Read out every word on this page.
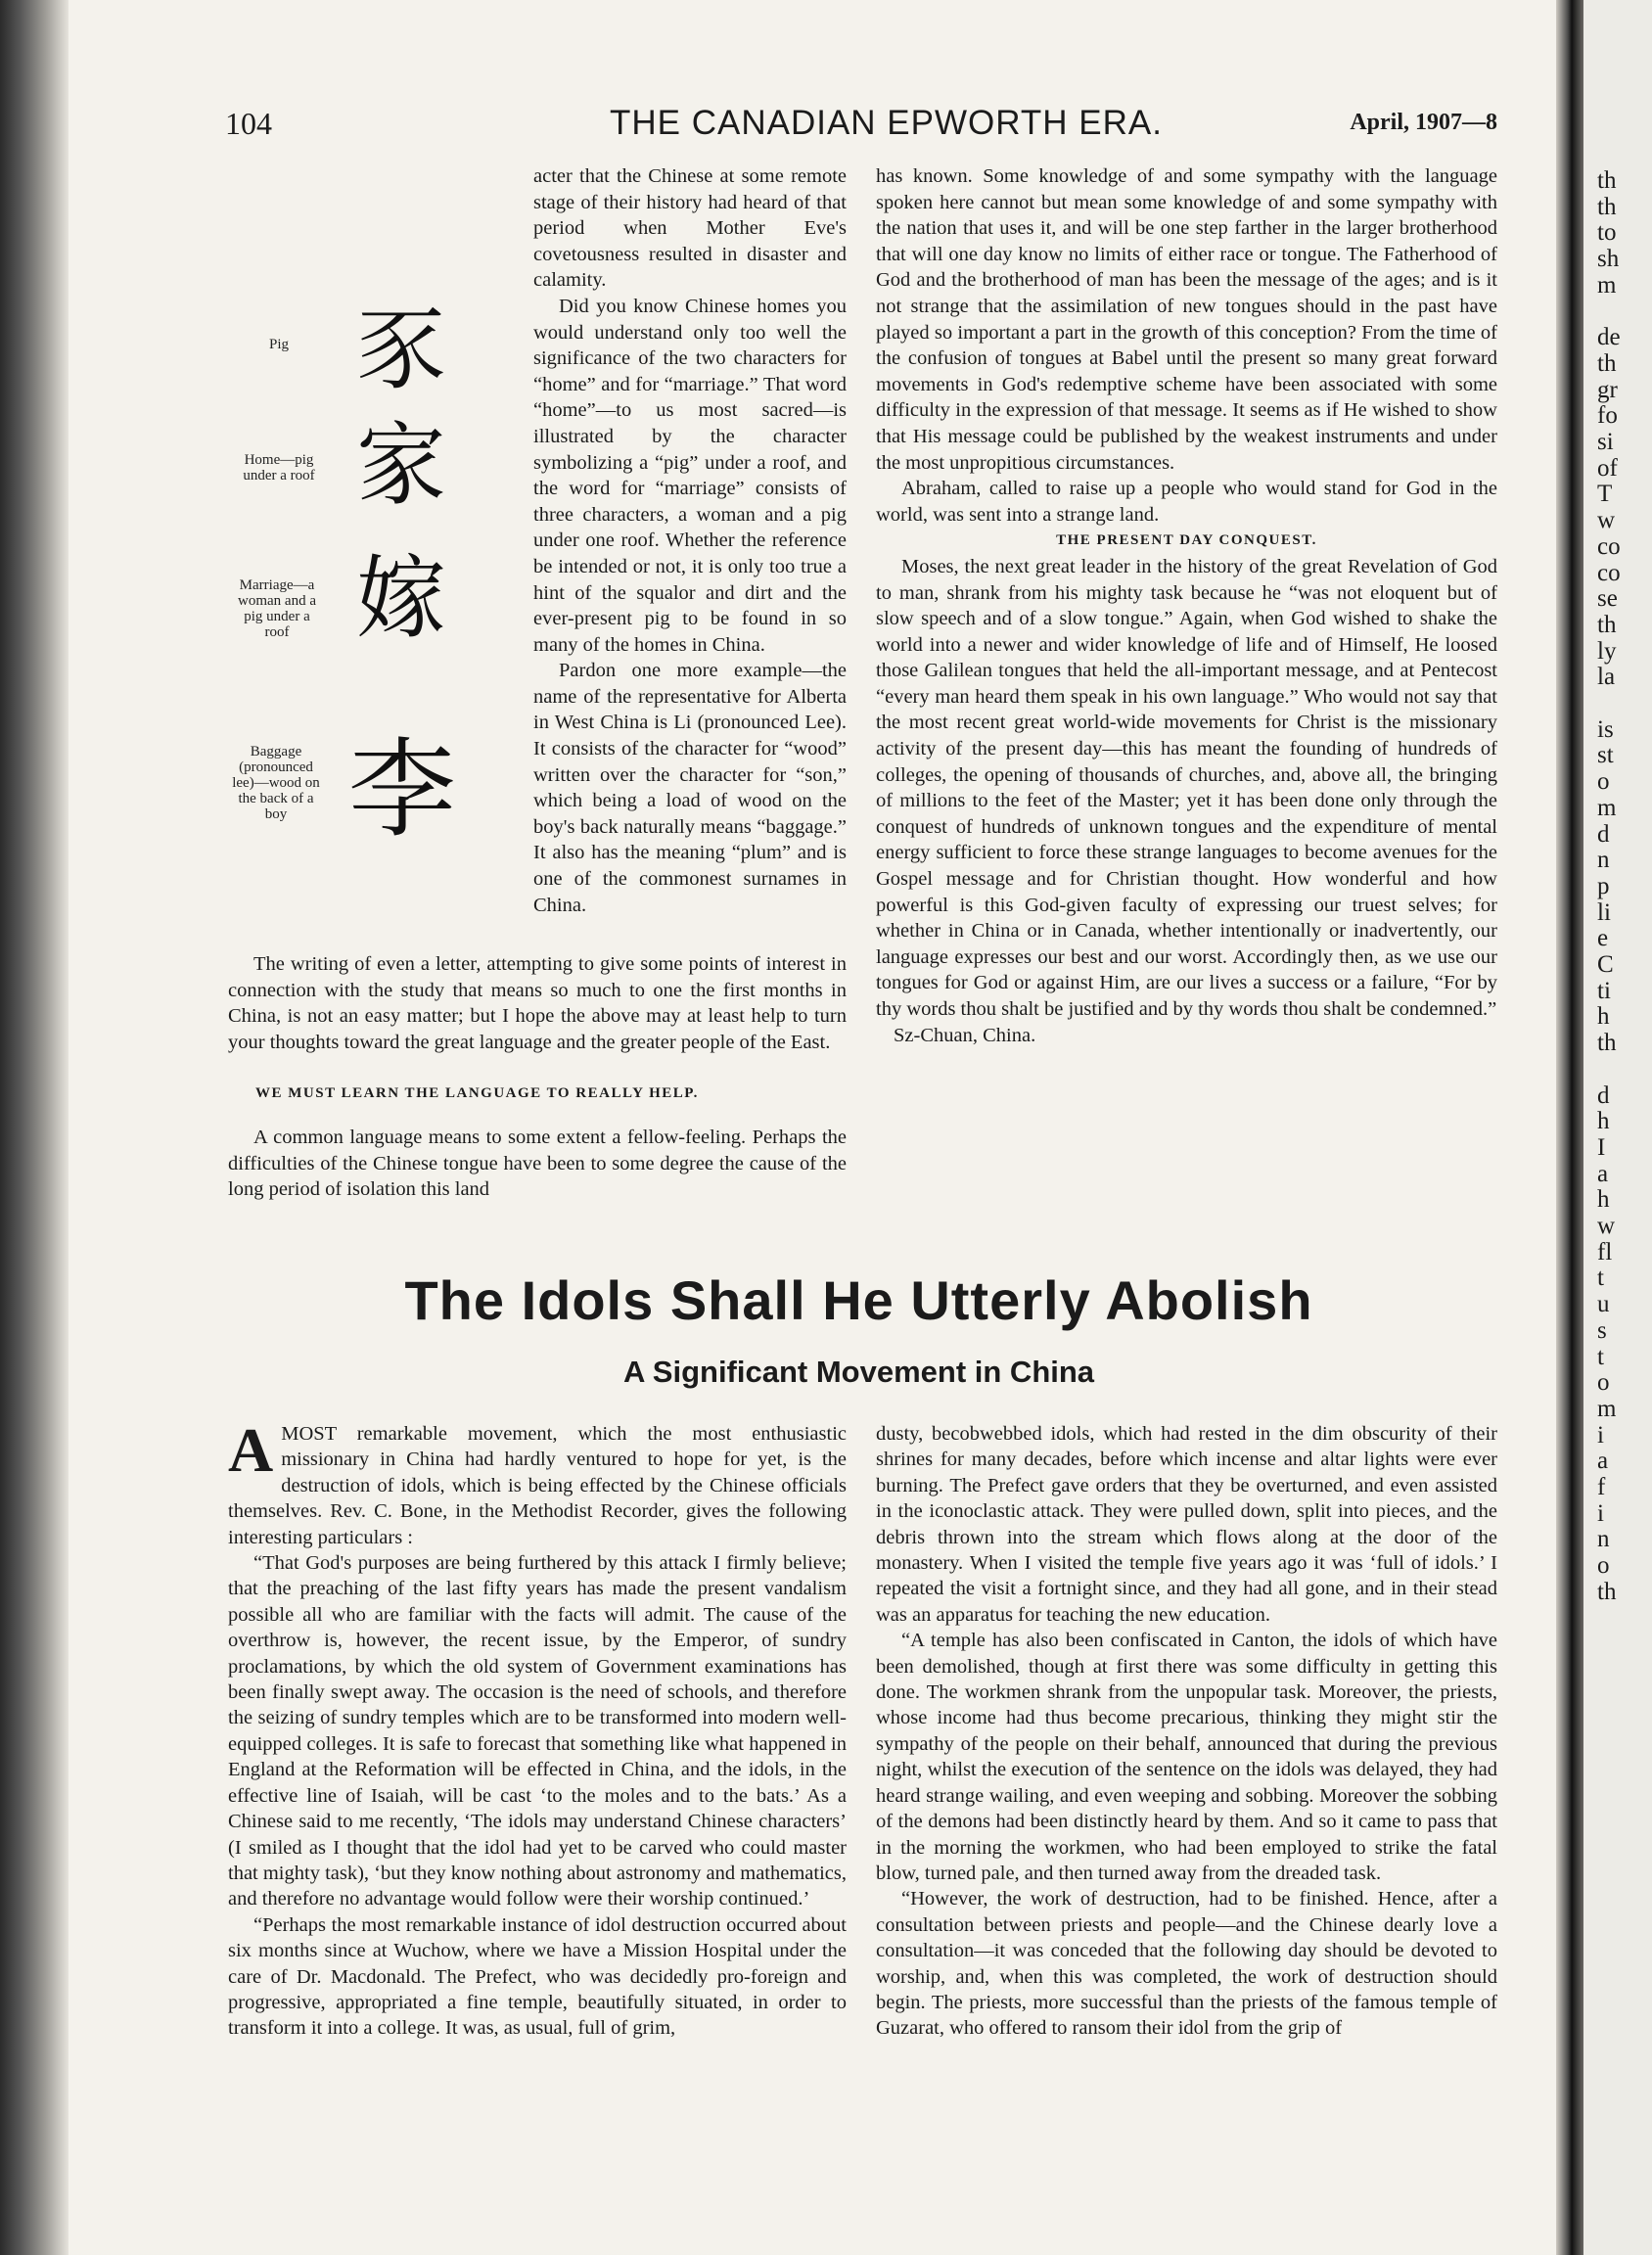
104	THE CANADIAN EPWORTH ERA.	April, 1907—8
Pig 豕
Home—pig under a roof 家
Marriage—a woman and a pig under a roof 嫁
Baggage (pronounced lee)—wood on the back of a boy 李

acter that the Chinese at some remote stage of their history had heard of that period when Mother Eve's covetousness resulted in disaster and calamity.

Did you know Chinese homes you would understand only too well the significance of the two characters for “home” and for “marriage.” That word “home”—to us most sacred—is illustrated by the character symbolizing a “pig” under a roof, and the word for “marriage” consists of three characters, a woman and a pig under one roof. Whether the reference be intended or not, it is only too true a hint of the squalor and dirt and the ever-present pig to be found in so many of the homes in China.

Pardon one more example—the name of the representative for Alberta in West China is Li (pronounced Lee). It consists of the character for “wood” written over the character for “son,” which being a load of wood on the boy's back naturally means “baggage.” It also has the meaning “plum” and is one of the commonest surnames in China.

The writing of even a letter, attempting to give some points of interest in connection with the study that means so much to one the first months in China, is not an easy matter; but I hope the above may at least help to turn your thoughts toward the great language and the greater people of the East.

WE MUST LEARN THE LANGUAGE TO REALLY HELP.

A common language means to some extent a fellow-feeling. Perhaps the difficulties of the Chinese tongue have been to some degree the cause of the long period of isolation this land

has known. Some knowledge of and some sympathy with the language spoken here cannot but mean some knowledge of and some sympathy with the nation that uses it, and will be one step farther in the larger brotherhood that will one day know no limits of either race or tongue. The Fatherhood of God and the brotherhood of man has been the message of the ages; and is it not strange that the assimilation of new tongues should in the past have played so important a part in the growth of this conception? From the time of the confusion of tongues at Babel until the present so many great forward movements in God's redemptive scheme have been associated with some difficulty in the expression of that message. It seems as if He wished to show that His message could be published by the weakest instruments and under the most unpropitious circumstances.

Abraham, called to raise up a people who would stand for God in the world, was sent into a strange land.

THE PRESENT DAY CONQUEST.

Moses, the next great leader in the history of the great Revelation of God to man, shrank from his mighty task because he “was not eloquent but of slow speech and of a slow tongue.” Again, when God wished to shake the world into a newer and wider knowledge of life and of Himself, He loosed those Galilean tongues that held the all-important message, and at Pentecost “every man heard them speak in his own language.” Who would not say that the most recent great world-wide movements for Christ is the missionary activity of the present day—this has meant the founding of hundreds of colleges, the opening of thousands of churches, and, above all, the bringing of millions to the feet of the Master; yet it has been done only through the conquest of hundreds of unknown tongues and the expenditure of mental energy sufficient to force these strange languages to become avenues for the Gospel message and for Christian thought. How wonderful and how powerful is this God-given faculty of expressing our truest selves; for whether in China or in Canada, whether intentionally or inadvertently, our language expresses our best and our worst. Accordingly then, as we use our tongues for God or against Him, are our lives a success or a failure, “For by thy words thou shalt be justified and by thy words thou shalt be condemned.”

Sz-Chuan, China.

The Idols Shall He Utterly Abolish
A Significant Movement in China

AMOST remarkable movement, which the most enthusiastic missionary in China had hardly ventured to hope for yet, is the destruction of idols, which is being effected by the Chinese officials themselves. Rev. C. Bone, in the Methodist Recorder, gives the following interesting particulars :

“That God's purposes are being furthered by this attack I firmly believe; that the preaching of the last fifty years has made the present vandalism possible all who are familiar with the facts will admit. The cause of the overthrow is, however, the recent issue, by the Emperor, of sundry proclamations, by which the old system of Government examinations has been finally swept away. The occasion is the need of schools, and therefore the seizing of sundry temples which are to be transformed into modern well-equipped colleges. It is safe to forecast that something like what happened in England at the Reformation will be effected in China, and the idols, in the effective line of Isaiah, will be cast ‘to the moles and to the bats.’ As a Chinese said to me recently, ‘The idols may understand Chinese characters’ (I smiled as I thought that the idol had yet to be carved who could master that mighty task), ‘but they know nothing about astronomy and mathematics, and therefore no advantage would follow were their worship continued.’

“Perhaps the most remarkable instance of idol destruction occurred about six months since at Wuchow, where we have a Mission Hospital under the care of Dr. Macdonald. The Prefect, who was decidedly pro-foreign and progressive, appropriated a fine temple, beautifully situated, in order to transform it into a college. It was, as usual, full of grim,

dusty, becobwebbed idols, which had rested in the dim obscurity of their shrines for many decades, before which incense and altar lights were ever burning. The Prefect gave orders that they be overturned, and even assisted in the iconoclastic attack. They were pulled down, split into pieces, and the debris thrown into the stream which flows along at the door of the monastery. When I visited the temple five years ago it was ‘full of idols.’ I repeated the visit a fortnight since, and they had all gone, and in their stead was an apparatus for teaching the new education.

“A temple has also been confiscated in Canton, the idols of which have been demolished, though at first there was some difficulty in getting this done. The workmen shrank from the unpopular task. Moreover, the priests, whose income had thus become precarious, thinking they might stir the sympathy of the people on their behalf, announced that during the previous night, whilst the execution of the sentence on the idols was delayed, they had heard strange wailing, and even weeping and sobbing. Moreover the sobbing of the demons had been distinctly heard by them. And so it came to pass that in the morning the workmen, who had been employed to strike the fatal blow, turned pale, and then turned away from the dreaded task.

“However, the work of destruction, had to be finished. Hence, after a consultation between priests and people—and the Chinese dearly love a consultation—it was conceded that the following day should be devoted to worship, and, when this was completed, the work of destruction should begin. The priests, more successful than the priests of the famous temple of Guzarat, who offered to ransom their idol from the grip of

th
th
to
sh
m
de
th
gr
fo
si
of
T
w
co
co
se
th
ly
la
is
st
o
m
d
n
p
li
e
C
ti
h
th
d
h
I
a
h
w
fl
t
u
s
t
o
m
i
a
f
i
n
o
th
